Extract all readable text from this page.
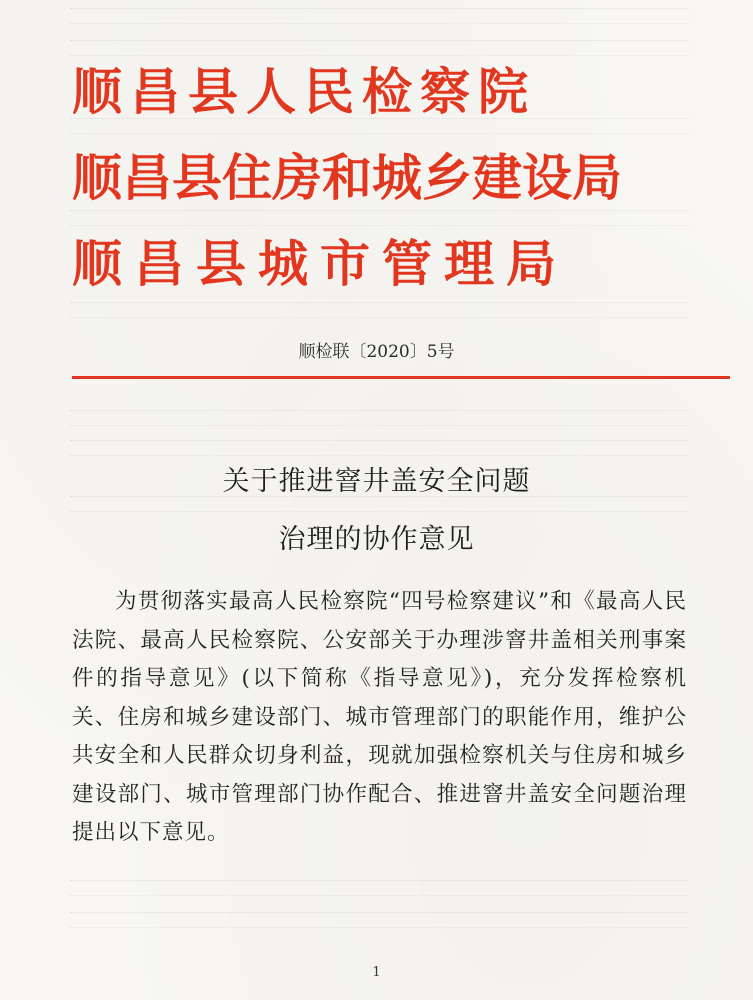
顺昌县人民检察院
顺昌县住房和城乡建设局
顺昌县城市管理局
顺检联〔2020〕5号
关于推进窨井盖安全问题
治理的协作意见
为贯彻落实最高人民检察院“四号检察建议”和《最高人民法院、最高人民检察院、公安部关于办理涉窨井盖相关刑事案件的指导意见》(以下简称《指导意见》)，充分发挥检察机关、住房和城乡建设部门、城市管理部门的职能作用，维护公共安全和人民群众切身利益，现就加强检察机关与住房和城乡建设部门、城市管理部门协作配合、推进窨井盖安全问题治理提出以下意见。
1
